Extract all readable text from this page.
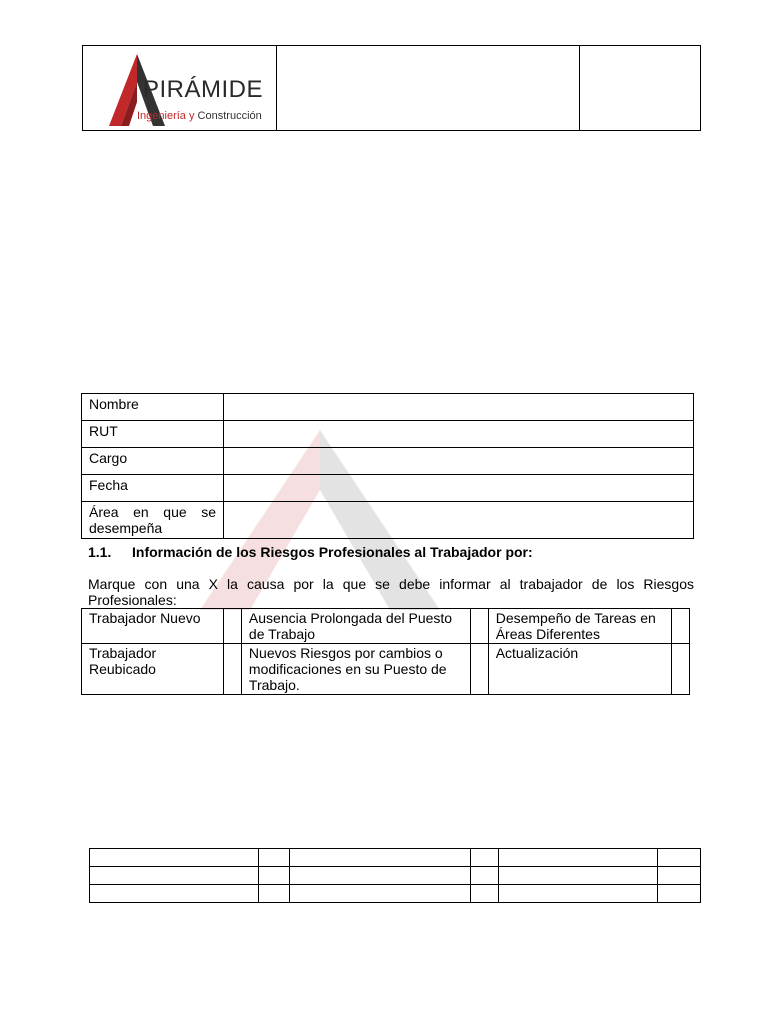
PIRÁMIDE
Ingeniería y Construcción
Nombre	
RUT	
Cargo	
Fecha	

Área en que se
desempeña	

1.1. Información de los Riesgos Profesionales al Trabajador por:
Marque con una X la causa por la que se debe informar al trabajador de los Riesgos Profesionales:
Trabajador Nuevo		Ausencia Prolongada del Puesto de Trabajo		Desempeño de Tareas en Áreas Diferentes	
Trabajador Reubicado		Nuevos Riesgos por cambios o modificaciones en su Puesto de Trabajo.		Actualización	
